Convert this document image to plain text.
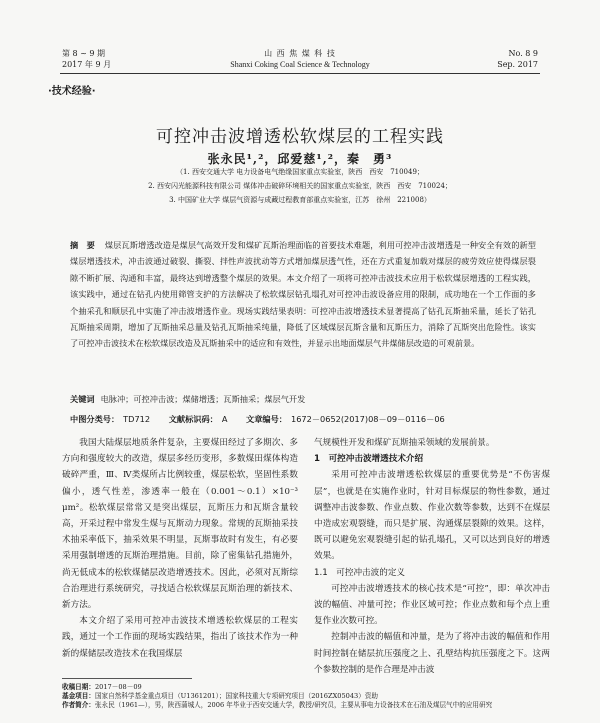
第 8 ~ 9 期
2017 年 9 月
山 西 焦 煤 科 技
Shanxi Coking Coal Science & Technology
No. 8 9
Sep. 2017
·技术经验·
可控冲击波增透松软煤层的工程实践
张永民¹,²，邱爱慈¹,²，秦　勇³
（1. 西安交通大学 电力设备电气绝缘国家重点实验室，陕西　西安　710049；
2. 西安闪光能源科技有限公司 煤体冲击破碎环境相关的国家重点实验室，陕西　西安　710024；
3. 中国矿业大学 煤层气资源与成藏过程教育部重点实验室，江苏　徐州　221008）
摘　要 煤层瓦斯增透改造是煤层气高效开发和煤矿瓦斯治理面临的首要技术难题，利用可控冲击波增透是一种安全有效的新型煤层增透技术，冲击波通过破裂、撕裂、拌性声波扰动等方式增加煤层透气性，还在方式重复加载对煤层的疲劳效应使得煤层裂隙不断扩展、沟通和丰富，最终达到增透整个煤层的效果。本文介绍了一项将可控冲击波技术应用于松软煤层增透的工程实践，该实践中，通过在钻孔内使用筛管支护的方法解决了松软煤层钻孔塌孔对可控冲击波设备应用的限制，成功地在一个工作面的多个抽采孔和顺层孔中实施了冲击波增透作业。现场实践结果表明：可控冲击波增透技术显著提高了钻孔瓦斯抽采量，延长了钻孔瓦斯抽采周期，增加了瓦斯抽采总量及钻孔瓦斯抽采纯量，降低了区域煤层瓦斯含量和瓦斯压力，消除了瓦斯突出危险性。该实了可控冲击波技术在松软煤层改造及瓦斯抽采中的适应和有效性，并显示出地面煤层气井煤储层改造的可观前景。
关键词 电脉冲；可控冲击波；煤储增透；瓦斯抽采；煤层气开发
中图分类号： TD712 文献标识码： A 文章编号： 1672－0652(2017)08－09－0116－06

我国大陆煤层地质条件复杂，主要煤田经过了多期次、多方向和强度较大的改造，煤层多经历变形，多数煤田煤体构造破碎严重，Ⅲ、Ⅳ类煤所占比例较重，煤层松软，坚固性系数偏小，透气性差，渗透率一般在（0.001～0.1）×10⁻³ μm²。松软煤层常常又是突出煤层，瓦斯压力和瓦斯含量较高，开采过程中常发生煤与瓦斯动力现象。常规的瓦斯抽采技术抽采率低下，抽采效果不明显，瓦斯事故时有发生，有必要采用强制增透的瓦斯治理措施。目前，除了密集钻孔措施外，尚无低成本的松软煤储层改造增透技术。因此，必须对瓦斯综合治理进行系统研究，寻找适合松软煤层瓦斯治理的新技术、新方法。

本文介绍了采用可控冲击波技术增透松软煤层的工程实践，通过一个工作面的现场实践结果，指出了该技术作为一种新的煤储层改造技术在我国煤层

气规模性开发和煤矿瓦斯抽采领域的发展前景。

1　可控冲击波增透技术介绍

采用可控冲击波增透松软煤层的重要优势是“不伤害煤层”，也就是在实施作业时，针对目标煤层的物性参数，通过调整冲击波参数、作业点数、作业次数等参数，达到不在煤层中造成宏观裂缝，而只是扩展、沟通煤层裂隙的效果。这样，既可以避免宏观裂缝引起的钻孔塌孔，又可以达到良好的增透效果。

1.1　可控冲击波的定义

可控冲击波增透技术的核心技术是“可控”，即：单次冲击波的幅值、冲量可控；作业区域可控；作业点数和每个点上重复作业次数可控。

控制冲击波的幅值和冲量，是为了将冲击波的幅值和作用时间控制在储层抗压强度之上、孔壁结构抗压强度之下。这两个参数控制的是作合理是冲击波

收稿日期：2017－08－09
基金项目：国家自然科学基金重点项目（U1361201）；国家科技重大专项研究项目（2016ZX05043）资助
作者简介：张永民（1961—），男，陕西蒲城人，2006 年毕业于西安交通大学，教授/研究员，主要从事电力设备技术在石油及煤层气中的应用研究
